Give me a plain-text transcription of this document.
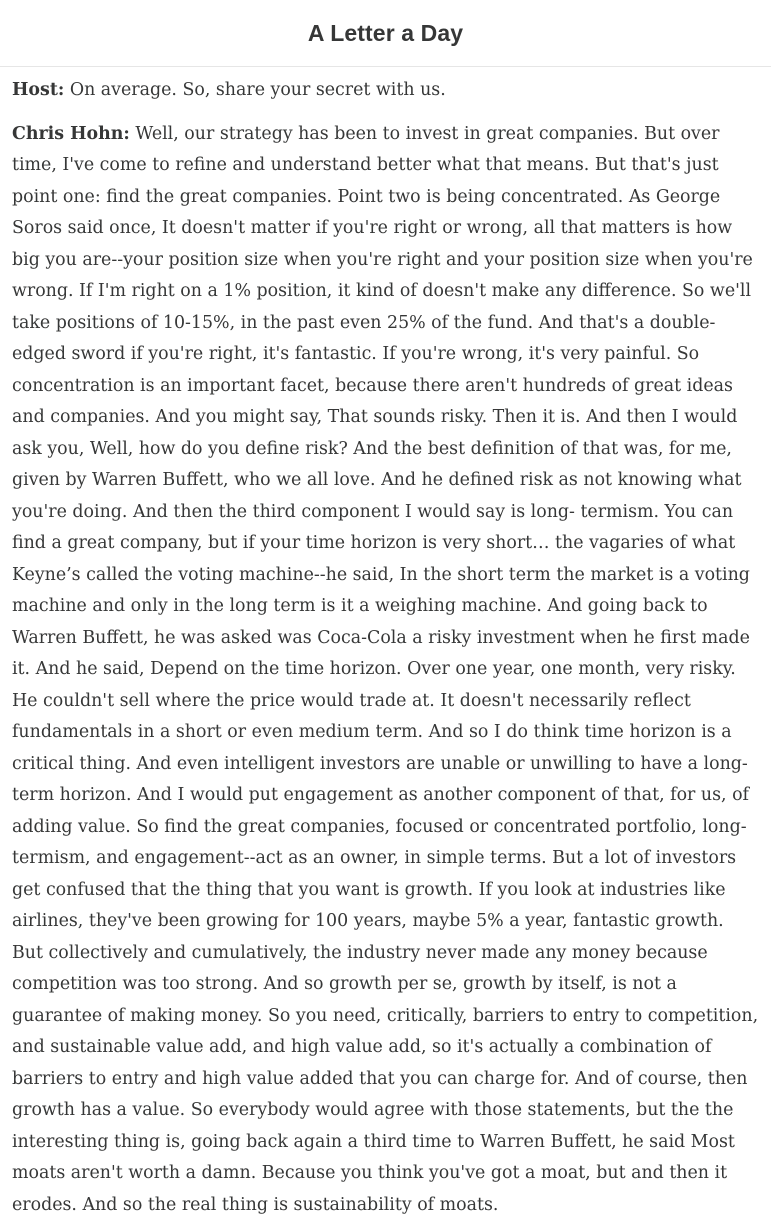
A Letter a Day

Host: On average. So, share your secret with us.

Chris Hohn: Well, our strategy has been to invest in great companies. But over time, I've come to refine and understand better what that means. But that's just point one: find the great companies. Point two is being concentrated. As George Soros said once, It doesn't matter if you're right or wrong, all that matters is how big you are--your position size when you're right and your position size when you're wrong. If I'm right on a 1% position, it kind of doesn't make any difference. So we'll take positions of 10-15%, in the past even 25% of the fund. And that's a double-edged sword if you're right, it's fantastic. If you're wrong, it's very painful. So concentration is an important facet, because there aren't hundreds of great ideas and companies. And you might say, That sounds risky. Then it is. And then I would ask you, Well, how do you define risk? And the best definition of that was, for me, given by Warren Buffett, who we all love. And he defined risk as not knowing what you're doing. And then the third component I would say is long- termism. You can find a great company, but if your time horizon is very short… the vagaries of what Keyne’s called the voting machine--he said, In the short term the market is a voting machine and only in the long term is it a weighing machine. And going back to Warren Buffett, he was asked was Coca-Cola a risky investment when he first made it. And he said, Depend on the time horizon. Over one year, one month, very risky. He couldn't sell where the price would trade at. It doesn't necessarily reflect fundamentals in a short or even medium term. And so I do think time horizon is a critical thing. And even intelligent investors are unable or unwilling to have a long-term horizon. And I would put engagement as another component of that, for us, of adding value. So find the great companies, focused or concentrated portfolio, long-termism, and engagement--act as an owner, in simple terms. But a lot of investors get confused that the thing that you want is growth. If you look at industries like airlines, they've been growing for 100 years, maybe 5% a year, fantastic growth. But collectively and cumulatively, the industry never made any money because competition was too strong. And so growth per se, growth by itself, is not a guarantee of making money. So you need, critically, barriers to entry to competition, and sustainable value add, and high value add, so it's actually a combination of barriers to entry and high value added that you can charge for. And of course, then growth has a value. So everybody would agree with those statements, but the the interesting thing is, going back again a third time to Warren Buffett, he said Most moats aren't worth a damn. Because you think you've got a moat, but and then it erodes. And so the real thing is sustainability of moats.
